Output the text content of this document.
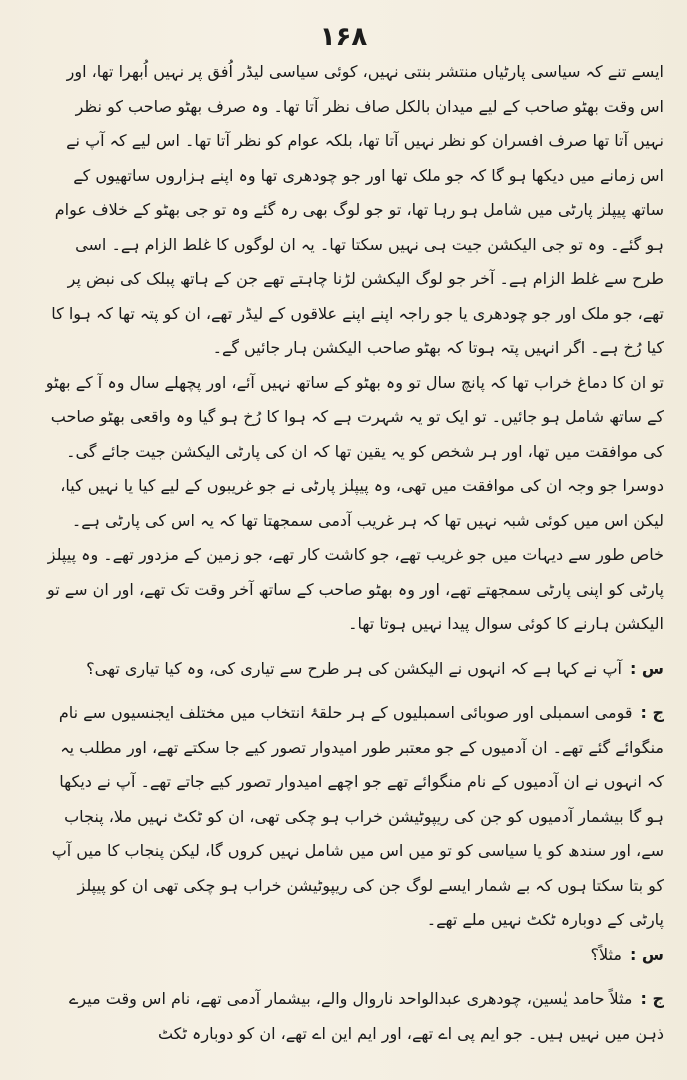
۱۶۸

ایسے تنے کہ سیاسی پارٹیاں منتشر بنتی نہیں، کوئی سیاسی لیڈر اُفق پر نہیں اُبھرا تھا، اور اس وقت بھٹو صاحب کے لیے میدان بالکل صاف نظر آتا تھا۔ وہ صرف بھٹو صاحب کو نظر نہیں آتا تھا صرف افسران کو نظر نہیں آتا تھا، بلکہ عوام کو نظر آتا تھا۔ اس لیے کہ آپ نے اس زمانے میں دیکھا ہو گا کہ جو ملک تھا اور جو چودھری تھا وہ اپنے ہزاروں ساتھیوں کے ساتھ پیپلز پارٹی میں شامل ہو رہا تھا، تو جو لوگ بھی رہ گئے وہ تو جی بھٹو کے خلاف عوام ہو گئے۔ وہ تو جی الیکشن جیت ہی نہیں سکتا تھا۔ یہ ان لوگوں کا غلط الزام ہے۔ اسی طرح سے غلط الزام ہے۔ آخر جو لوگ الیکشن لڑنا چاہتے تھے جن کے ہاتھ پبلک کی نبض پر تھے، جو ملک اور جو چودھری یا جو راجہ اپنے اپنے علاقوں کے لیڈر تھے، ان کو پتہ تھا کہ ہوا کا کیا رُخ ہے۔ اگر انہیں پتہ ہوتا کہ بھٹو صاحب الیکشن ہار جائیں گے۔

تو ان کا دماغ خراب تھا کہ پانچ سال تو وہ بھٹو کے ساتھ نہیں آئے، اور پچھلے سال وہ آ کے بھٹو کے ساتھ شامل ہو جائیں۔ تو ایک تو یہ شہرت ہے کہ ہوا کا رُخ ہو گیا وہ واقعی بھٹو صاحب کی موافقت میں تھا، اور ہر شخص کو یہ یقین تھا کہ ان کی پارٹی الیکشن جیت جائے گی۔ دوسرا جو وجہ ان کی موافقت میں تھی، وہ پیپلز پارٹی نے جو غریبوں کے لیے کیا یا نہیں کیا، لیکن اس میں کوئی شبہ نہیں تھا کہ ہر غریب آدمی سمجھتا تھا کہ یہ اس کی پارٹی ہے۔ خاص طور سے دیہات میں جو غریب تھے، جو کاشت کار تھے، جو زمین کے مزدور تھے۔ وہ پیپلز پارٹی کو اپنی پارٹی سمجھتے تھے، اور وہ بھٹو صاحب کے ساتھ آخر وقت تک تھے، اور ان سے تو الیکشن ہارنے کا کوئی سوال پیدا نہیں ہوتا تھا۔

س :آپ نے کہا ہے کہ انہوں نے الیکشن کی ہر طرح سے تیاری کی، وہ کیا تیاری تھی؟

ج :قومی اسمبلی اور صوبائی اسمبلیوں کے ہر حلقۂ انتخاب میں مختلف ایجنسیوں سے نام منگوائے گئے تھے۔ ان آدمیوں کے جو معتبر طور امیدوار تصور کیے جا سکتے تھے، اور مطلب یہ کہ انہوں نے ان آدمیوں کے نام منگوائے تھے جو اچھے امیدوار تصور کیے جاتے تھے۔ آپ نے دیکھا ہو گا بیشمار آدمیوں کو جن کی ریپوٹیشن خراب ہو چکی تھی، ان کو ٹکٹ نہیں ملا، پنجاب سے، اور سندھ کو یا سیاسی کو تو میں اس میں شامل نہیں کروں گا، لیکن پنجاب کا میں آپ کو بتا سکتا ہوں کہ بے شمار ایسے لوگ جن کی ریپوٹیشن خراب ہو چکی تھی ان کو پیپلز پارٹی کے دوبارہ ٹکٹ نہیں ملے تھے۔

س :مثلاً؟

ج :مثلاً حامد یٰسین، چودھری عبدالواحد ناروال والے، بیشمار آدمی تھے، نام اس وقت میرے ذہن میں نہیں ہیں۔ جو ایم پی اے تھے، اور ایم این اے تھے، ان کو دوبارہ ٹکٹ
